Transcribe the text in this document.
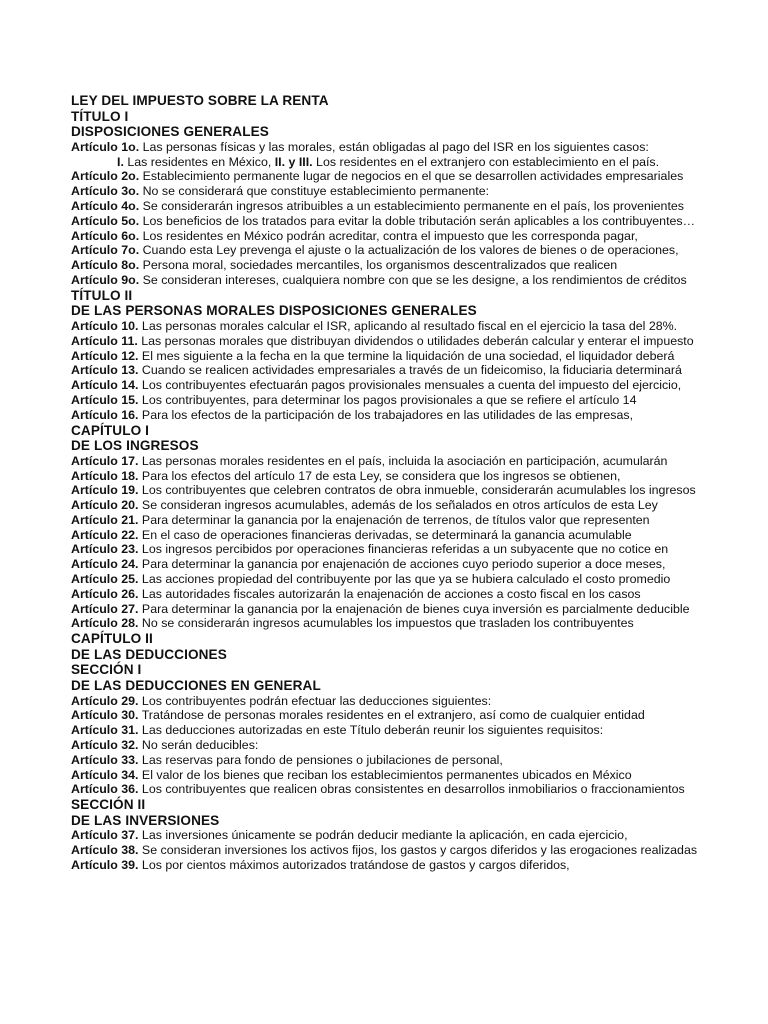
LEY DEL IMPUESTO SOBRE LA RENTA
TÍTULO I
DISPOSICIONES GENERALES
Artículo 1o. Las personas físicas y las morales, están obligadas al pago del ISR en los siguientes casos:
I. Las residentes en México, II. y III. Los residentes en el extranjero con establecimiento en el país.
Artículo 2o. Establecimiento permanente lugar de negocios en el que se desarrollen actividades empresariales
Artículo 3o. No se considerará que constituye establecimiento permanente:
Artículo 4o. Se considerarán ingresos atribuibles a un establecimiento permanente en el país, los provenientes
Artículo 5o. Los beneficios de los tratados para evitar la doble tributación serán aplicables a los contribuyentes…
Artículo 6o. Los residentes en México podrán acreditar, contra el impuesto que les corresponda pagar,
Artículo 7o. Cuando esta Ley prevenga el ajuste o la actualización de los valores de bienes o de operaciones,
Artículo 8o. Persona moral, sociedades mercantiles, los organismos descentralizados que realicen
Artículo 9o. Se consideran intereses, cualquiera nombre con que se les designe, a los rendimientos de créditos
TÍTULO II
DE LAS PERSONAS MORALES DISPOSICIONES GENERALES
Artículo 10. Las personas morales calcular el ISR, aplicando al resultado fiscal en el ejercicio la tasa del 28%.
Artículo 11. Las personas morales que distribuyan dividendos o utilidades deberán calcular y enterar el impuesto
Artículo 12. El mes siguiente a la fecha en la que termine la liquidación de una sociedad, el liquidador deberá
Artículo 13. Cuando se realicen actividades empresariales a través de un fideicomiso, la fiduciaria determinará
Artículo 14. Los contribuyentes efectuarán pagos provisionales mensuales a cuenta del impuesto del ejercicio,
Artículo 15. Los contribuyentes, para determinar los pagos provisionales a que se refiere el artículo 14
Artículo 16. Para los efectos de la participación de los trabajadores en las utilidades de las empresas,
CAPÍTULO I
DE LOS INGRESOS
Artículo 17. Las personas morales residentes en el país, incluida la asociación en participación, acumularán
Artículo 18. Para los efectos del artículo 17 de esta Ley, se considera que los ingresos se obtienen,
Artículo 19. Los contribuyentes que celebren contratos de obra inmueble, considerarán acumulables los ingresos
Artículo 20. Se consideran ingresos acumulables, además de los señalados en otros artículos de esta Ley
Artículo 21. Para determinar la ganancia por la enajenación de terrenos, de títulos valor que representen
Artículo 22. En el caso de operaciones financieras derivadas, se determinará la ganancia acumulable
Artículo 23. Los ingresos percibidos por operaciones financieras referidas a un subyacente que no cotice en
Artículo 24. Para determinar la ganancia por enajenación de acciones cuyo periodo superior a doce meses,
Artículo 25. Las acciones propiedad del contribuyente por las que ya se hubiera calculado el costo promedio
Artículo 26. Las autoridades fiscales autorizarán la enajenación de acciones a costo fiscal en los casos
Artículo 27. Para determinar la ganancia por la enajenación de bienes cuya inversión es parcialmente deducible
Artículo 28. No se considerarán ingresos acumulables los impuestos que trasladen los contribuyentes
CAPÍTULO II
DE LAS DEDUCCIONES
SECCIÓN I
DE LAS DEDUCCIONES EN GENERAL
Artículo 29. Los contribuyentes podrán efectuar las deducciones siguientes:
Artículo 30. Tratándose de personas morales residentes en el extranjero, así como de cualquier entidad
Artículo 31. Las deducciones autorizadas en este Título deberán reunir los siguientes requisitos:
Artículo 32. No serán deducibles:
Artículo 33. Las reservas para fondo de pensiones o jubilaciones de personal,
Artículo 34. El valor de los bienes que reciban los establecimientos permanentes ubicados en México
Artículo 36. Los contribuyentes que realicen obras consistentes en desarrollos inmobiliarios o fraccionamientos
SECCIÓN II
DE LAS INVERSIONES
Artículo 37. Las inversiones únicamente se podrán deducir mediante la aplicación, en cada ejercicio,
Artículo 38. Se consideran inversiones los activos fijos, los gastos y cargos diferidos y las erogaciones realizadas
Artículo 39. Los por cientos máximos autorizados tratándose de gastos y cargos diferidos,
